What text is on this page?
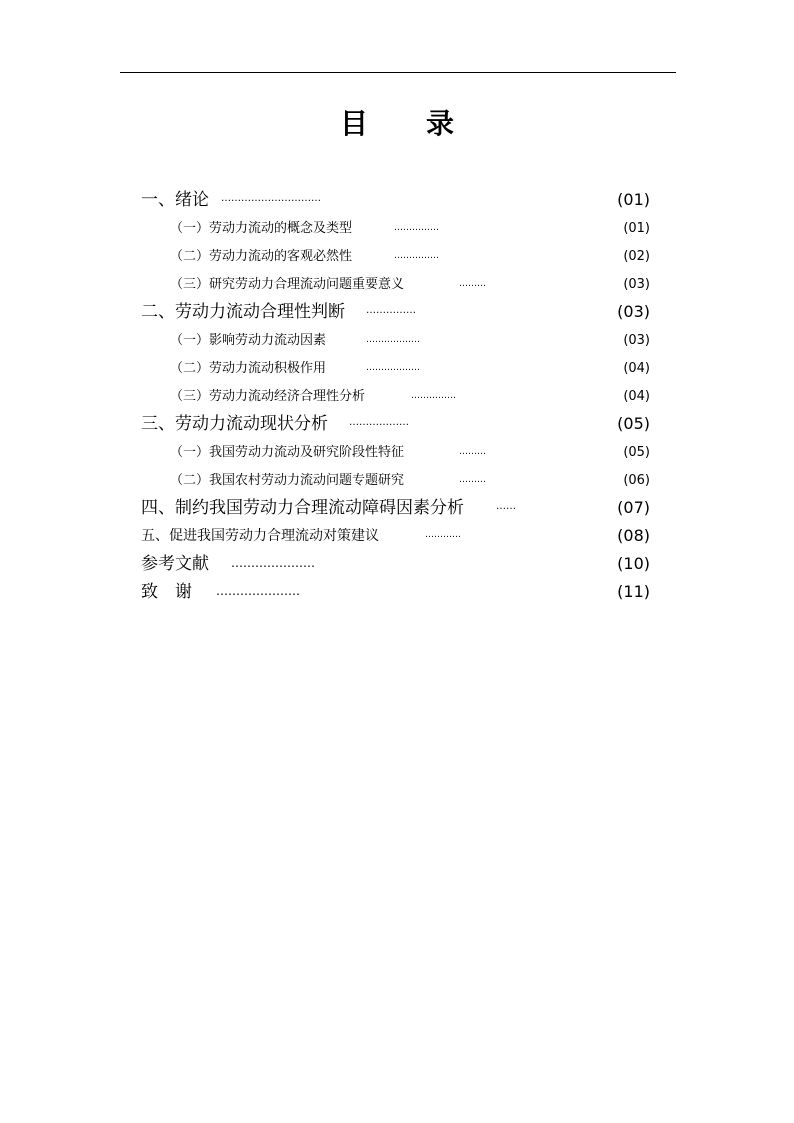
目 录
一、绪论 …………………………	(01)
（一）劳动力流动的概念及类型	……………	(01)
（二）劳动力流动的客观必然性	……………	(02)
（三）研究劳动力合理流动问题重要意义	………	(03)
二、劳动力流动合理性判断 ……………	(03)
（一）影响劳动力流动因素	………………	(03)
（二）劳动力流动积极作用	………………	(04)
（三）劳动力流动经济合理性分析	……………	(04)
三、劳动力流动现状分析 ………………	(05)
（一）我国劳动力流动及研究阶段性特征	………	(05)
（二）我国农村劳动力流动问题专题研究	………	(06)
四、制约我国劳动力合理流动障碍因素分析	……	(07)
五、促进我国劳动力合理流动对策建议	…………	(08)
参考文献 …………………	(10)
致　谢 …………………	(11)
